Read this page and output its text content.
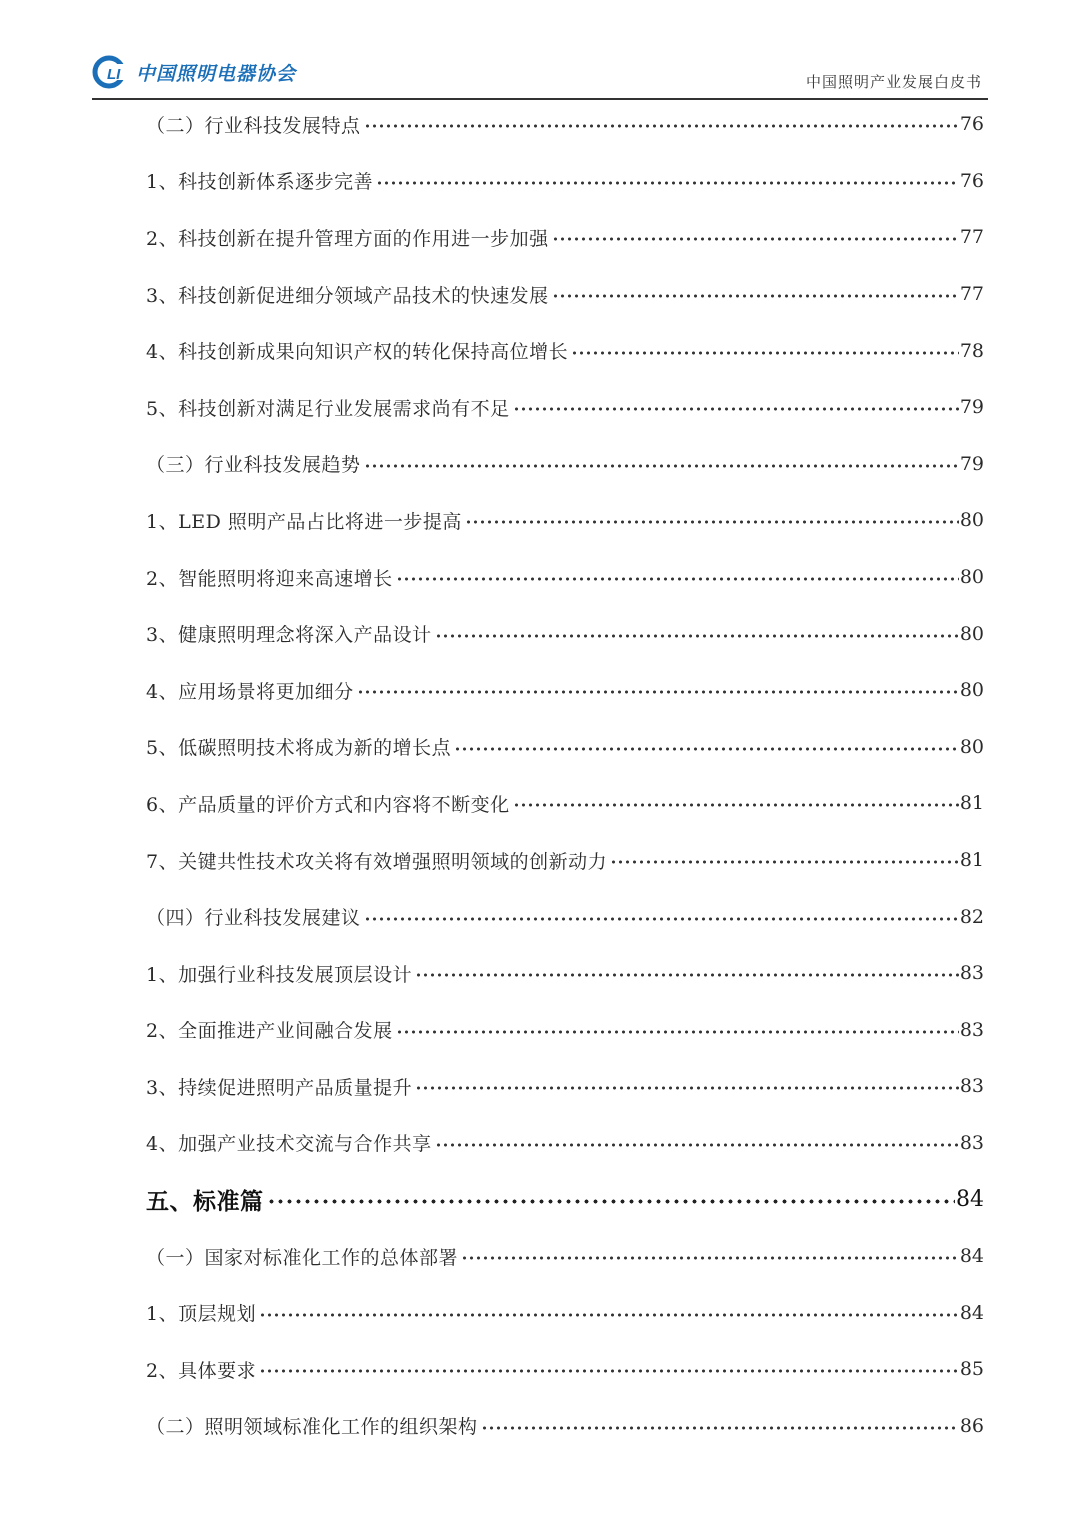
LI 中国照明电器协会	中国照明产业发展白皮书
（二）行业科技发展特点	76
1、科技创新体系逐步完善	76
2、科技创新在提升管理方面的作用进一步加强	77
3、科技创新促进细分领域产品技术的快速发展	77
4、科技创新成果向知识产权的转化保持高位增长	78
5、科技创新对满足行业发展需求尚有不足	79
（三）行业科技发展趋势	79
1、LED 照明产品占比将进一步提高	80
2、智能照明将迎来高速增长	80
3、健康照明理念将深入产品设计	80
4、应用场景将更加细分	80
5、低碳照明技术将成为新的增长点	80
6、产品质量的评价方式和内容将不断变化	81
7、关键共性技术攻关将有效增强照明领域的创新动力	81
（四）行业科技发展建议	82
1、加强行业科技发展顶层设计	83
2、全面推进产业间融合发展	83
3、持续促进照明产品质量提升	83
4、加强产业技术交流与合作共享	83
五、标准篇	84
（一）国家对标准化工作的总体部署	84
1、顶层规划	84
2、具体要求	85
（二）照明领域标准化工作的组织架构	86
